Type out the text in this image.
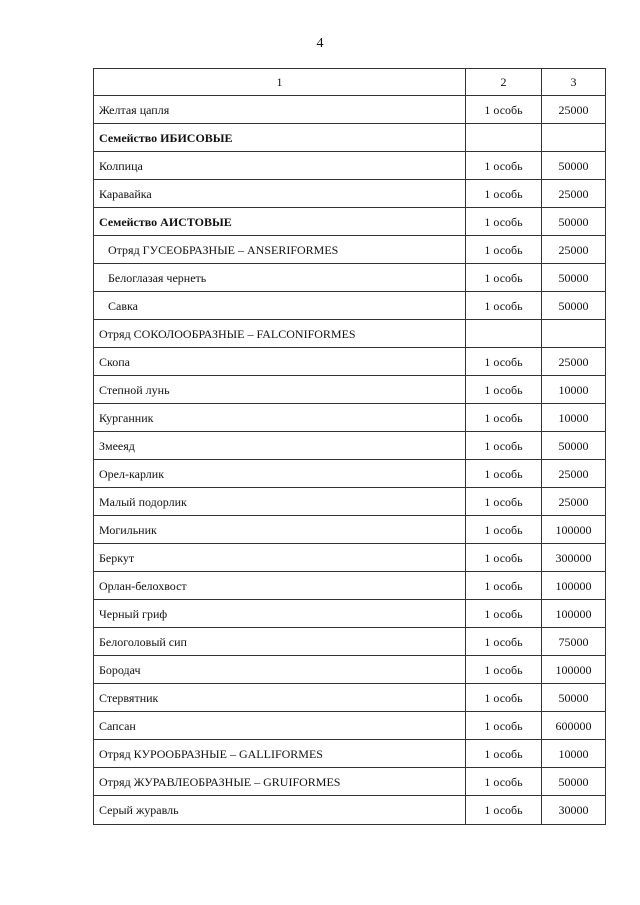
4
1	2	3
Желтая цапля	1 особь	25000
Семейство ИБИСОВЫЕ		
Колпица	1 особь	50000
Каравайка	1 особь	25000
Семейство АИСТОВЫЕ	1 особь	50000
Отряд ГУСЕОБРАЗНЫЕ – ANSERIFORMES	1 особь	25000
Белоглазая чернеть	1 особь	50000
Савка	1 особь	50000
Отряд СОКОЛООБРАЗНЫЕ – FALCONIFORMES		
Скопа	1 особь	25000
Степной лунь	1 особь	10000
Курганник	1 особь	10000
Змееяд	1 особь	50000
Орел-карлик	1 особь	25000
Малый подорлик	1 особь	25000
Могильник	1 особь	100000
Беркут	1 особь	300000
Орлан-белохвост	1 особь	100000
Черный гриф	1 особь	100000
Белоголовый сип	1 особь	75000
Бородач	1 особь	100000
Стервятник	1 особь	50000
Сапсан	1 особь	600000
Отряд КУРООБРАЗНЫЕ – GALLIFORMES	1 особь	10000
Отряд ЖУРАВЛЕОБРАЗНЫЕ – GRUIFORMES	1 особь	50000
Серый журавль	1 особь	30000
